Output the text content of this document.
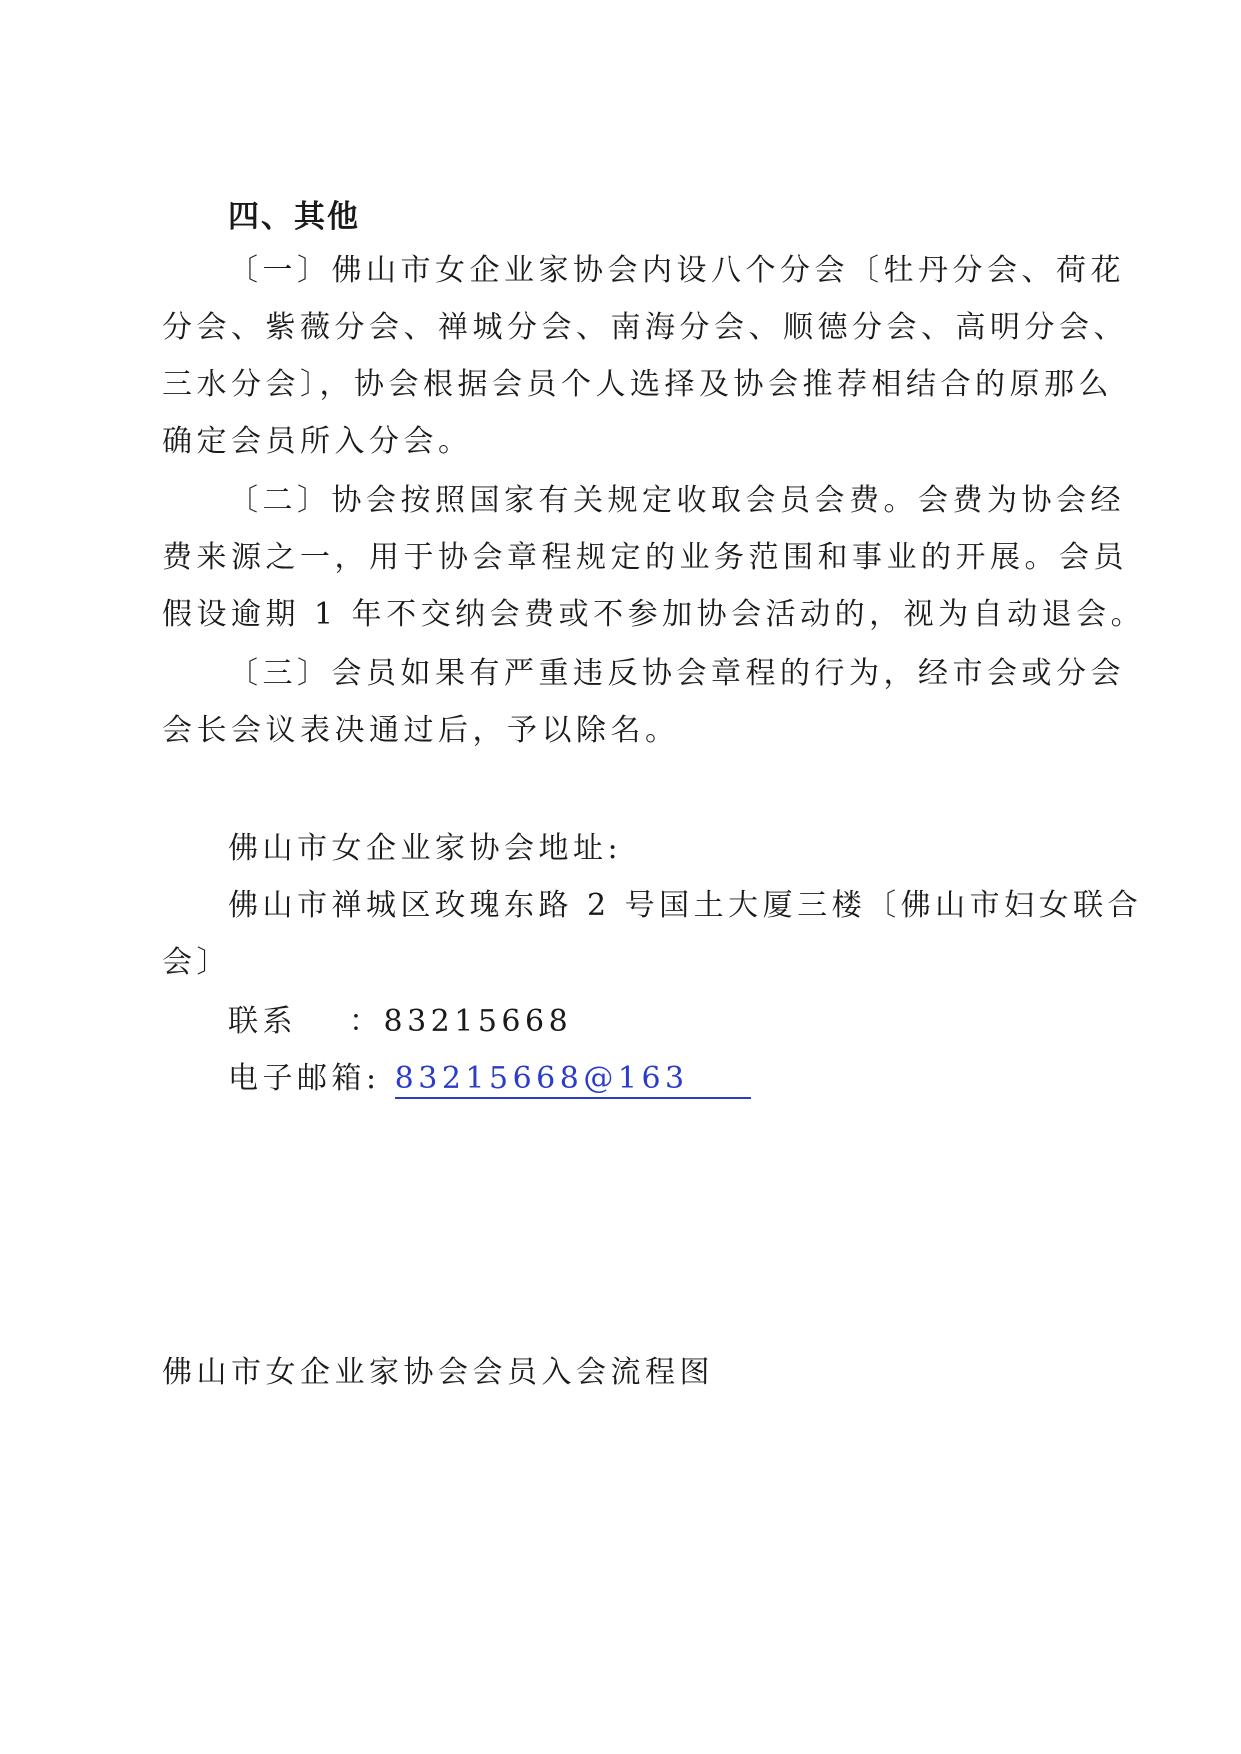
四、其他
〔一〕佛山市女企业家协会内设八个分会〔牡丹分会、荷花
分会、紫薇分会、禅城分会、南海分会、顺德分会、高明分会、
三水分会〕，协会根据会员个人选择及协会推荐相结合的原那么
确定会员所入分会。
〔二〕协会按照国家有关规定收取会员会费。会费为协会经
费来源之一，用于协会章程规定的业务范围和事业的开展。会员
假设逾期 1 年不交纳会费或不参加协会活动的，视为自动退会。
〔三〕会员如果有严重违反协会章程的行为，经市会或分会
会长会议表决通过后，予以除名。
佛山市女企业家协会地址:
佛山市禅城区玫瑰东路 2 号国土大厦三楼〔佛山市妇女联合
会〕
联系 ：83215668
电子邮箱: 83215668@163
佛山市女企业家协会会员入会流程图
